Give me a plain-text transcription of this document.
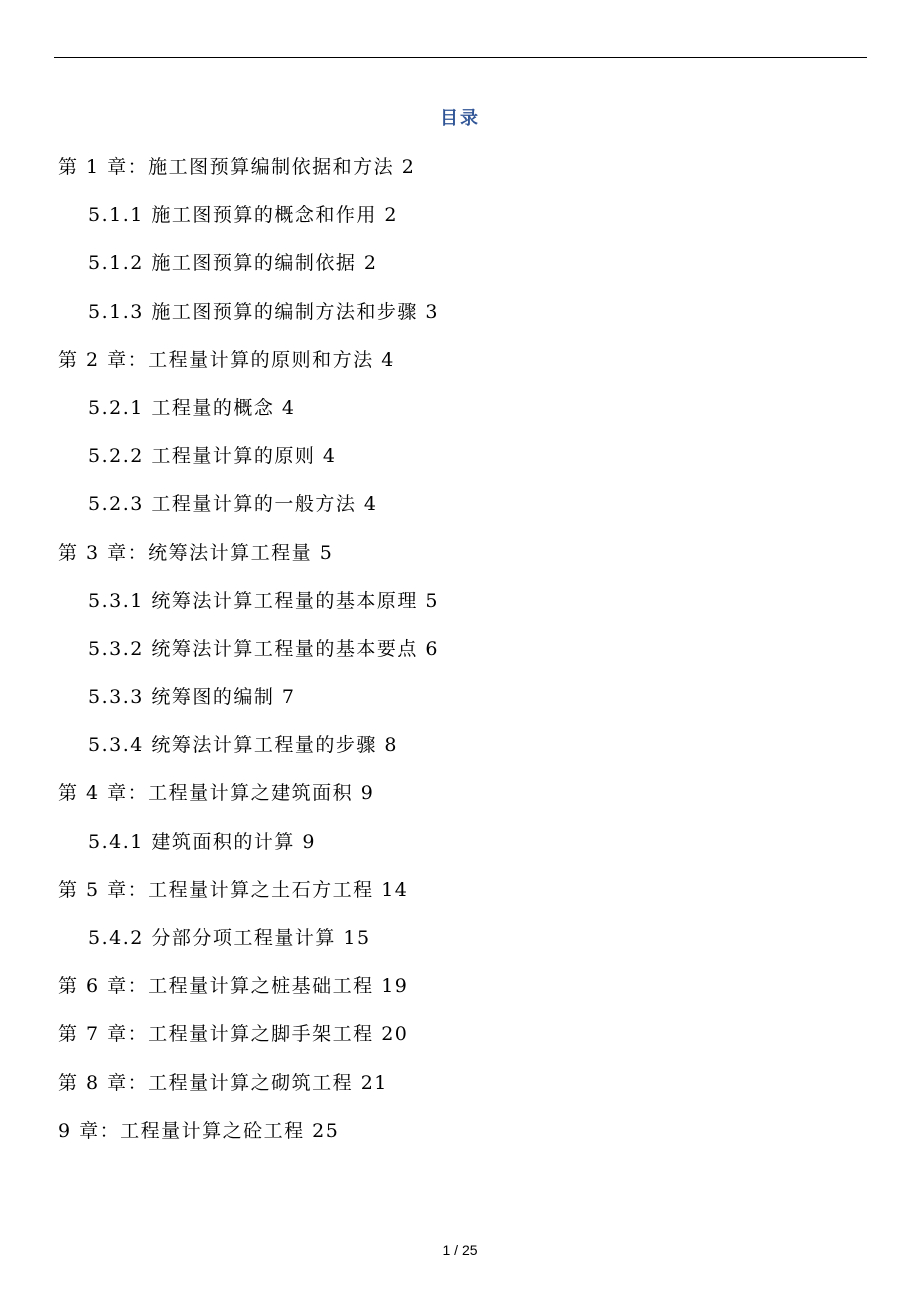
目录
第 1 章：施工图预算编制依据和方法 2
5.1.1 施工图预算的概念和作用 2
5.1.2 施工图预算的编制依据 2
5.1.3 施工图预算的编制方法和步骤 3
第 2 章：工程量计算的原则和方法 4
5.2.1 工程量的概念 4
5.2.2 工程量计算的原则 4
5.2.3 工程量计算的一般方法 4
第 3 章：统筹法计算工程量 5
5.3.1 统筹法计算工程量的基本原理 5
5.3.2 统筹法计算工程量的基本要点 6
5.3.3 统筹图的编制 7
5.3.4 统筹法计算工程量的步骤 8
第 4 章：工程量计算之建筑面积 9
5.4.1 建筑面积的计算 9
第 5 章：工程量计算之土石方工程 14
5.4.2 分部分项工程量计算 15
第 6 章：工程量计算之桩基础工程 19
第 7 章：工程量计算之脚手架工程 20
第 8 章：工程量计算之砌筑工程 21
9 章：工程量计算之砼工程 25
1 / 25
